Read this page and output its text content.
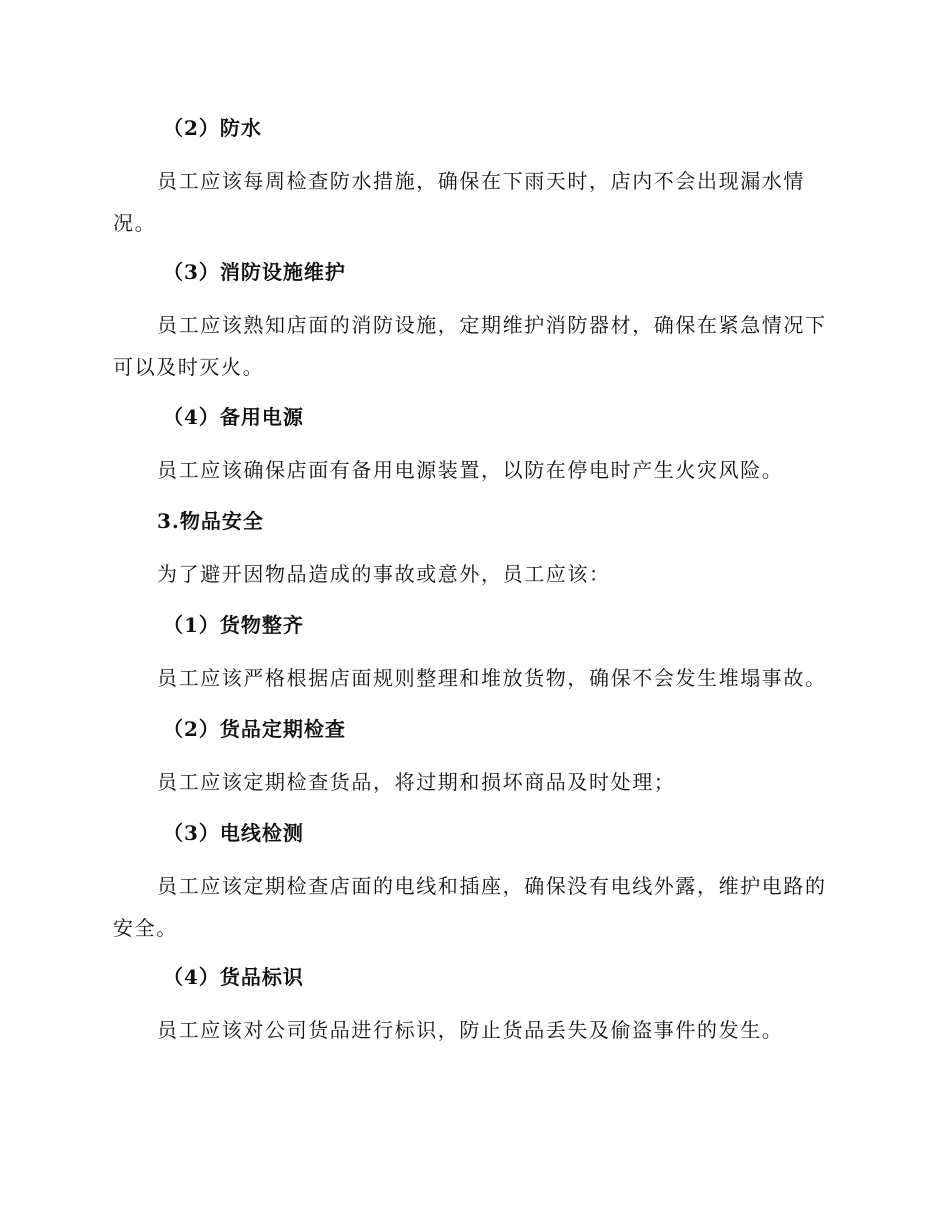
（2）防水
员工应该每周检查防水措施，确保在下雨天时，店内不会出现漏水情况。
（3）消防设施维护
员工应该熟知店面的消防设施，定期维护消防器材，确保在紧急情况下可以及时灭火。
（4）备用电源
员工应该确保店面有备用电源装置，以防在停电时产生火灾风险。
3.物品安全
为了避开因物品造成的事故或意外，员工应该：
（1）货物整齐
员工应该严格根据店面规则整理和堆放货物，确保不会发生堆塌事故。
（2）货品定期检查
员工应该定期检查货品，将过期和损坏商品及时处理；
（3）电线检测
员工应该定期检查店面的电线和插座，确保没有电线外露，维护电路的安全。
（4）货品标识
员工应该对公司货品进行标识，防止货品丢失及偷盗事件的发生。
